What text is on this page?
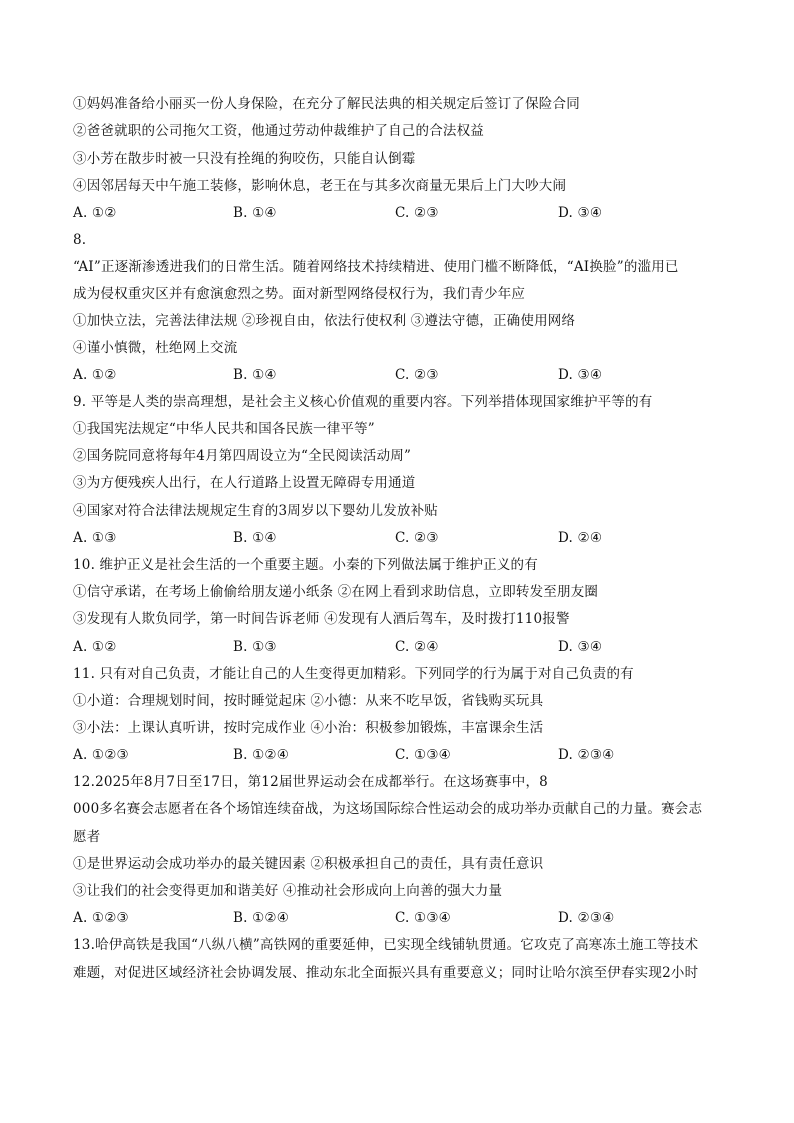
①妈妈准备给小丽买一份人身保险，在充分了解民法典的相关规定后签订了保险合同
②爸爸就职的公司拖欠工资，他通过劳动仲裁维护了自己的合法权益
③小芳在散步时被一只没有拴绳的狗咬伤，只能自认倒霉
④因邻居每天中午施工装修，影响休息，老王在与其多次商量无果后上门大吵大闹
A. ①②	B. ①④	C. ②③	D. ③④
8.
“AI”正逐渐渗透进我们的日常生活。随着网络技术持续精进、使用门槛不断降低，“AI换脸”的滥用已
成为侵权重灾区并有愈演愈烈之势。面对新型网络侵权行为，我们青少年应
①加快立法，完善法律法规 ②珍视自由，依法行使权利 ③遵法守德，正确使用网络
④谨小慎微，杜绝网上交流
A. ①②	B. ①④	C. ②③	D. ③④
9. 平等是人类的崇高理想，是社会主义核心价值观的重要内容。下列举措体现国家维护平等的有
①我国宪法规定“中华人民共和国各民族一律平等”
②国务院同意将每年4月第四周设立为“全民阅读活动周”
③为方便残疾人出行，在人行道路上设置无障碍专用通道
④国家对符合法律法规规定生育的3周岁以下婴幼儿发放补贴
A. ①③	B. ①④	C. ②③	D. ②④
10. 维护正义是社会生活的一个重要主题。小秦的下列做法属于维护正义的有
①信守承诺，在考场上偷偷给朋友递小纸条 ②在网上看到求助信息，立即转发至朋友圈
③发现有人欺负同学，第一时间告诉老师 ④发现有人酒后驾车，及时拨打110报警
A. ①②	B. ①③	C. ②④	D. ③④
11. 只有对自己负责，才能让自己的人生变得更加精彩。下列同学的行为属于对自己负责的有
①小道：合理规划时间，按时睡觉起床 ②小德：从来不吃早饭，省钱购买玩具
③小法：上课认真听讲，按时完成作业 ④小治：积极参加锻炼，丰富课余生活
A. ①②③	B. ①②④	C. ①③④	D. ②③④
12.2025年8月7日至17日，第12届世界运动会在成都举行。在这场赛事中，8
000多名赛会志愿者在各个场馆连续奋战，为这场国际综合性运动会的成功举办贡献自己的力量。赛会志
愿者
①是世界运动会成功举办的最关键因素 ②积极承担自己的责任，具有责任意识
③让我们的社会变得更加和谐美好 ④推动社会形成向上向善的强大力量
A. ①②③	B. ①②④	C. ①③④	D. ②③④
13.哈伊高铁是我国“八纵八横”高铁网的重要延伸，已实现全线铺轨贯通。它攻克了高寒冻土施工等技术
难题，对促进区域经济社会协调发展、推动东北全面振兴具有重要意义；同时让哈尔滨至伊春实现2小时
